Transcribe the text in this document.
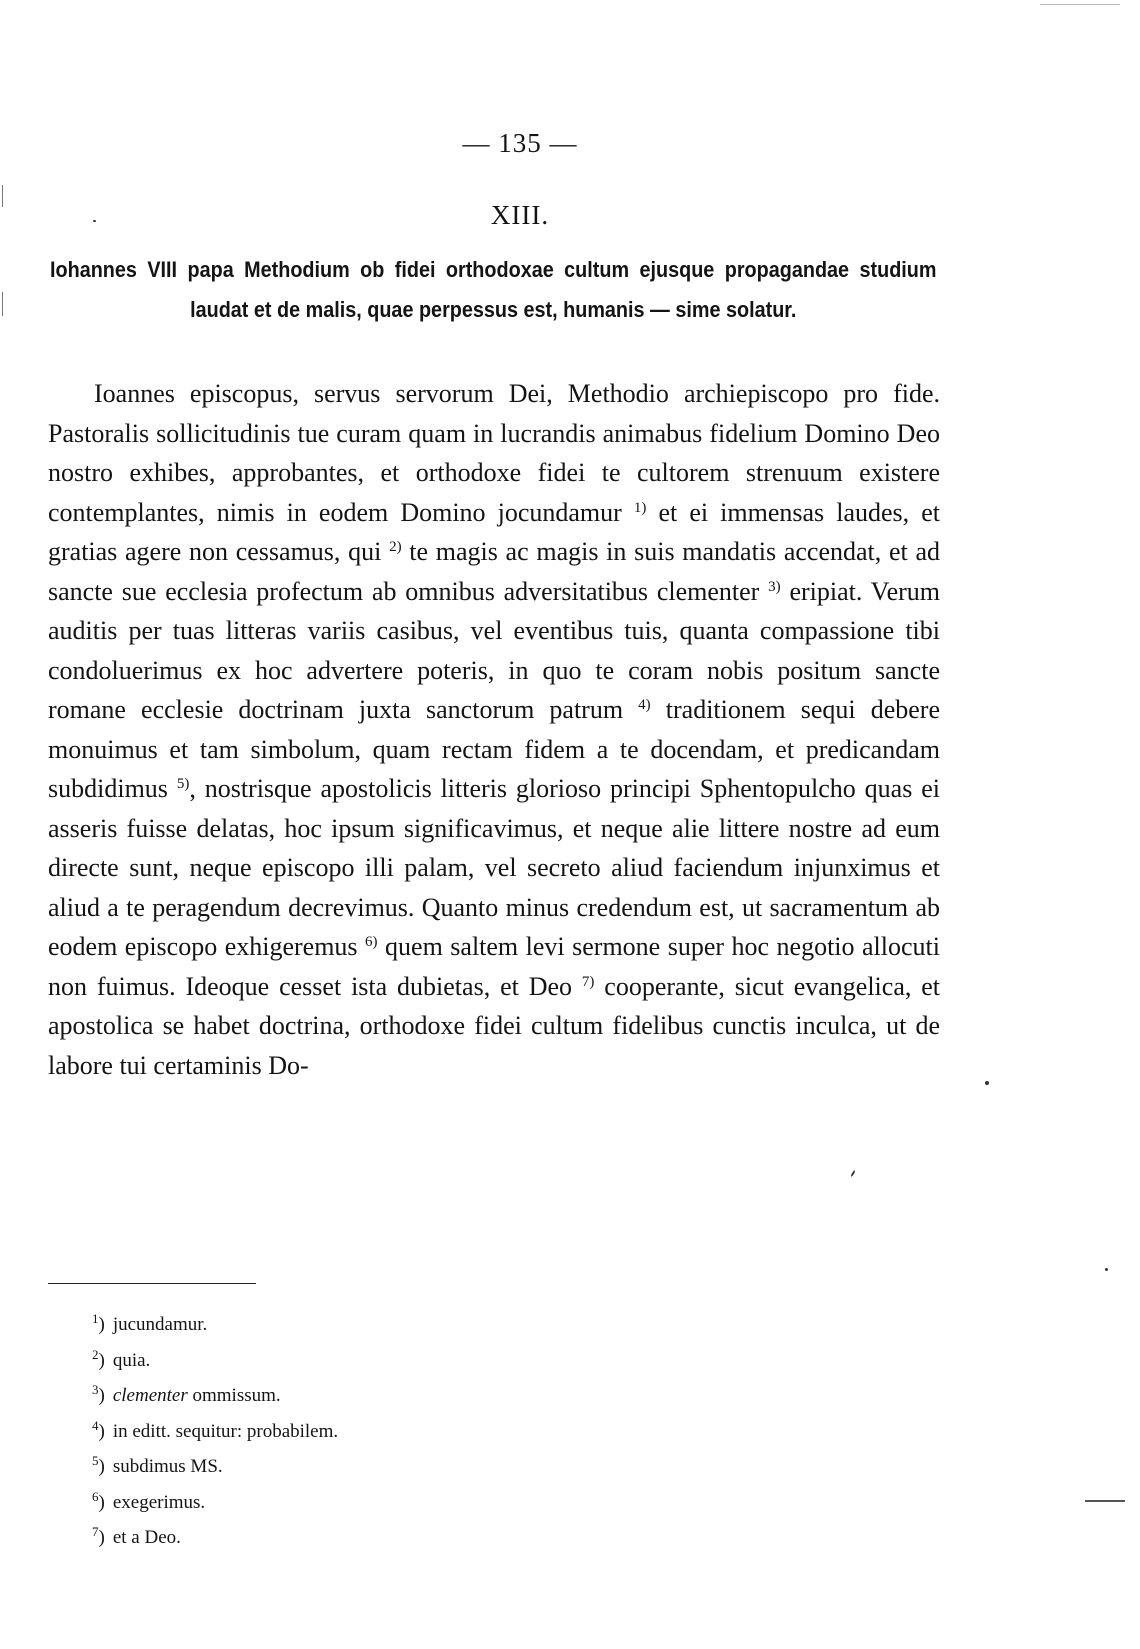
— 135 —
XIII.
Iohannes VIII papa Methodium ob fidei orthodoxae cultum ejusque propagandae studium laudat et de malis, quae perpessus est, humanis — sime solatur.

Ioannes episcopus, servus servorum Dei, Methodio archiepiscopo pro fide. Pastoralis sollicitudinis tue curam quam in lucrandis animabus fidelium Domino Deo nostro exhibes, approbantes, et orthodoxe fidei te cultorem strenuum existere contemplantes, nimis in eodem Domino jocundamur $^{1)}$ et ei immensas laudes, et gratias agere non cessamus, qui $^{2)}$ te magis ac magis in suis mandatis accendat, et ad sancte sue ecclesia profectum ab omnibus adversitatibus clementer $^{3)}$ eripiat. Verum auditis per tuas litteras variis casibus, vel eventibus tuis, quanta compassione tibi condoluerimus ex hoc advertere poteris, in quo te coram nobis positum sancte romane ecclesie doctrinam juxta sanctorum patrum $^{4)}$ traditionem sequi debere monuimus et tam simbolum, quam rectam fidem a te docendam, et predicandam subdidimus $^{5)}$, nostrisque apostolicis litteris glorioso principi Sphentopulcho quas ei asseris fuisse delatas, hoc ipsum significavimus, et neque alie littere nostre ad eum directe sunt, neque episcopo illi palam, vel secreto aliud faciendum injunximus et aliud a te peragendum decrevimus. Quanto minus credendum est, ut sacramentum ab eodem episcopo exhigeremus $^{6)}$ quem saltem levi sermone super hoc negotio allocuti non fuimus. Ideoque cesset ista dubietas, et Deo $^{7)}$ cooperante, sicut evangelica, et apostolica se habet doctrina, orthodoxe fidei cultum fidelibus cunctis inculca, ut de labore tui certaminis Do-

$^1$) jucundamur.
$^2$) quia.
$^3$) clementer ommissum.
$^4$) in editt. sequitur: probabilem.
$^5$) subdimus MS.
$^6$) exegerimus.
$^7$) et a Deo.
